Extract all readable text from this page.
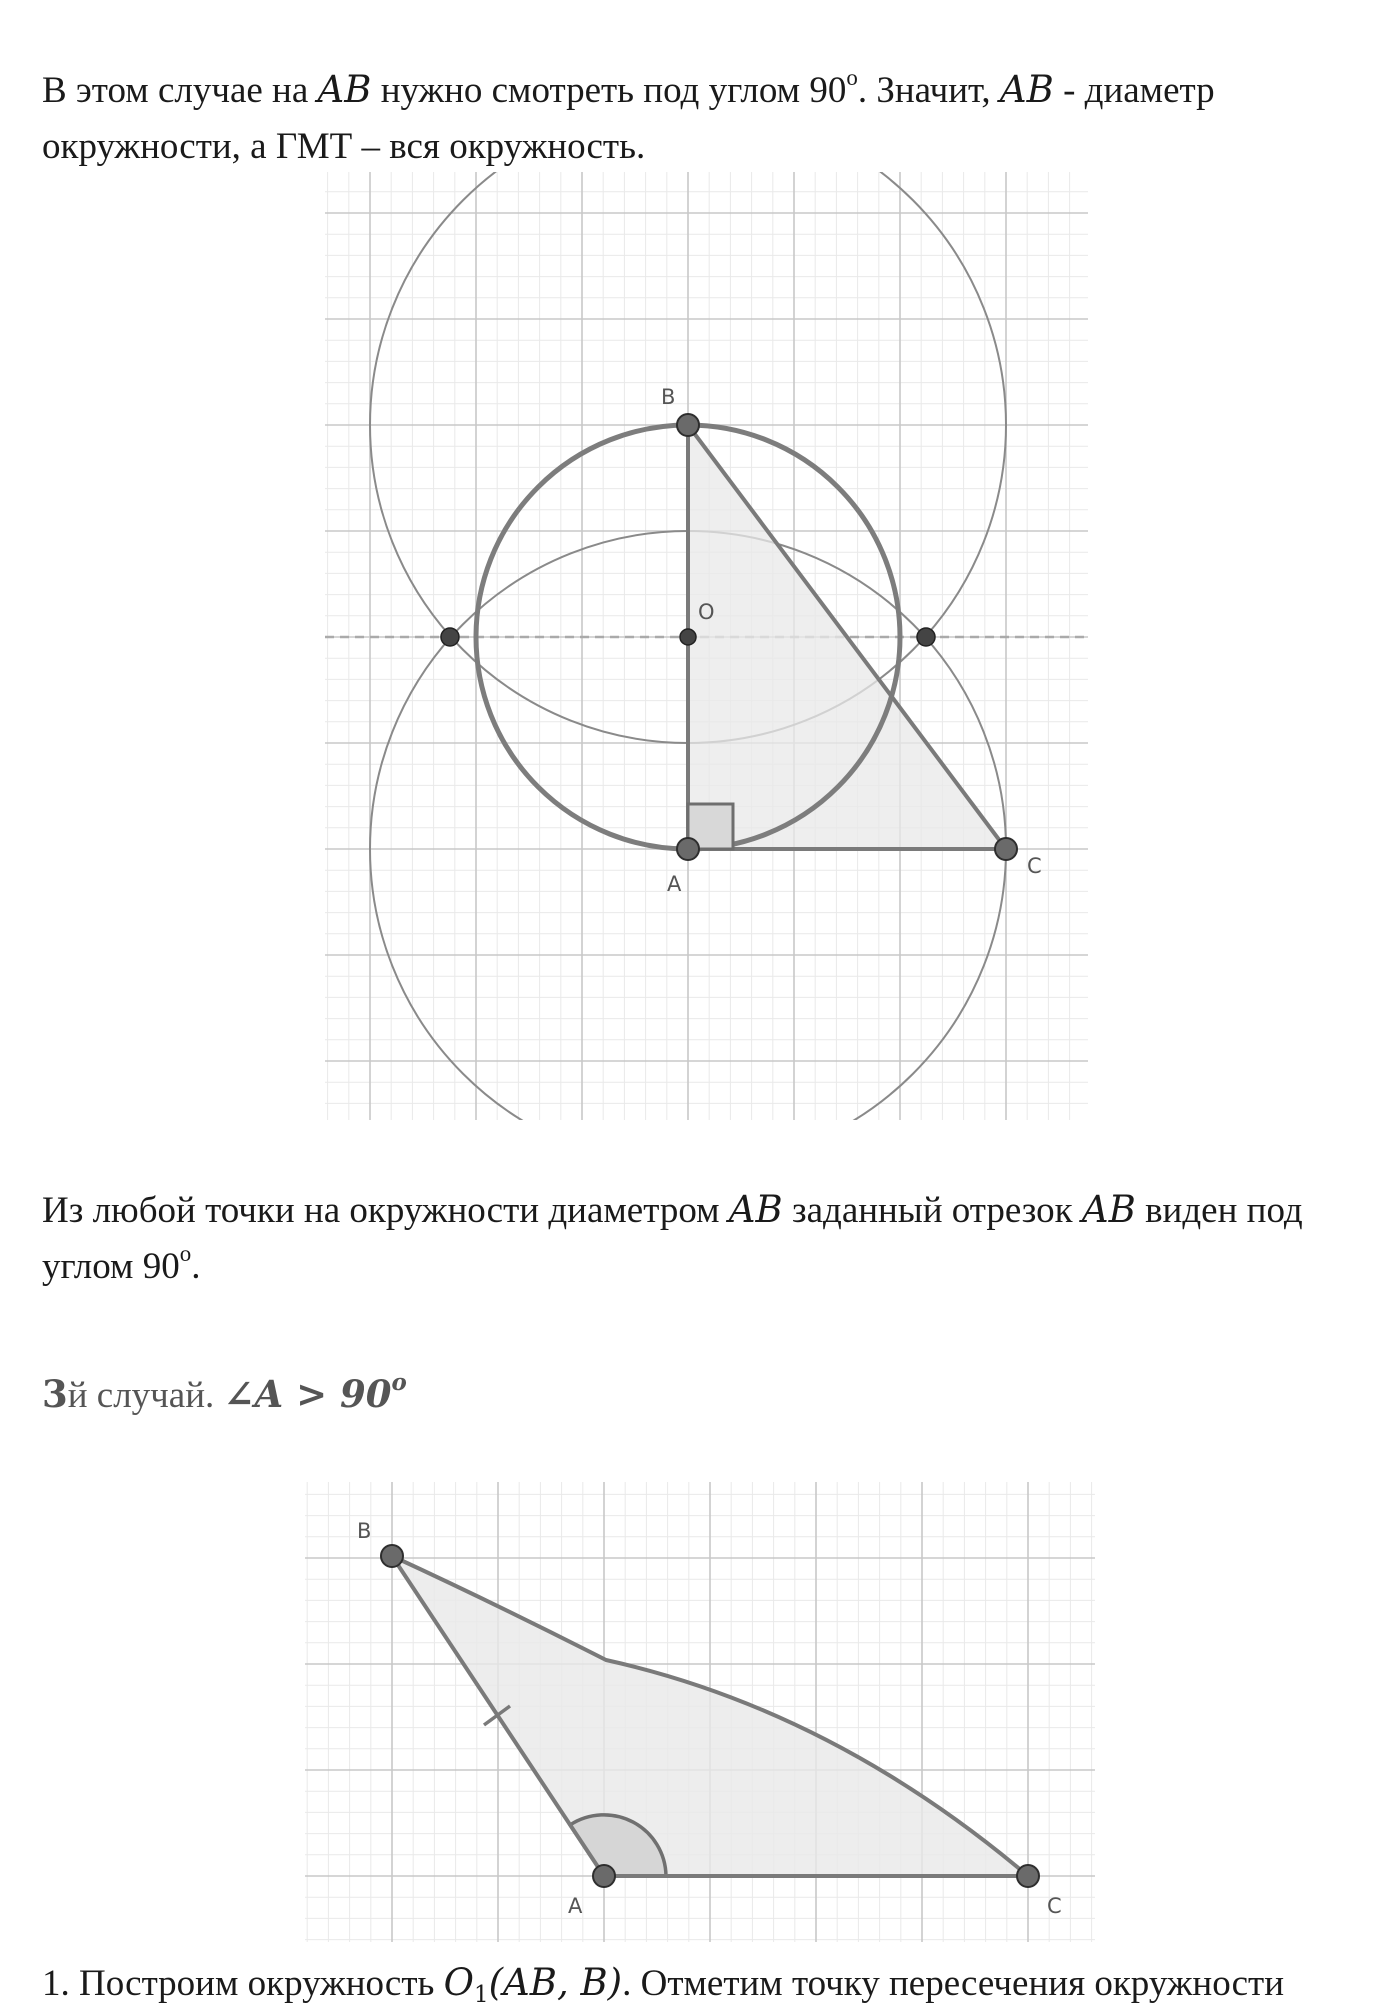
В этом случае на AB нужно смотреть под углом 90$^o$. Значит, AB - диаметр окружности, а ГМТ – вся окружность.

B
O
A
C

Из любой точки на окружности диаметром AB заданный отрезок AB виден под углом 90$^o$.

3й случай. ∠A > $90^o$

B
A	C

1. Построим окружность $O_1(AB$, B). Отметим точку пересечения окружности
